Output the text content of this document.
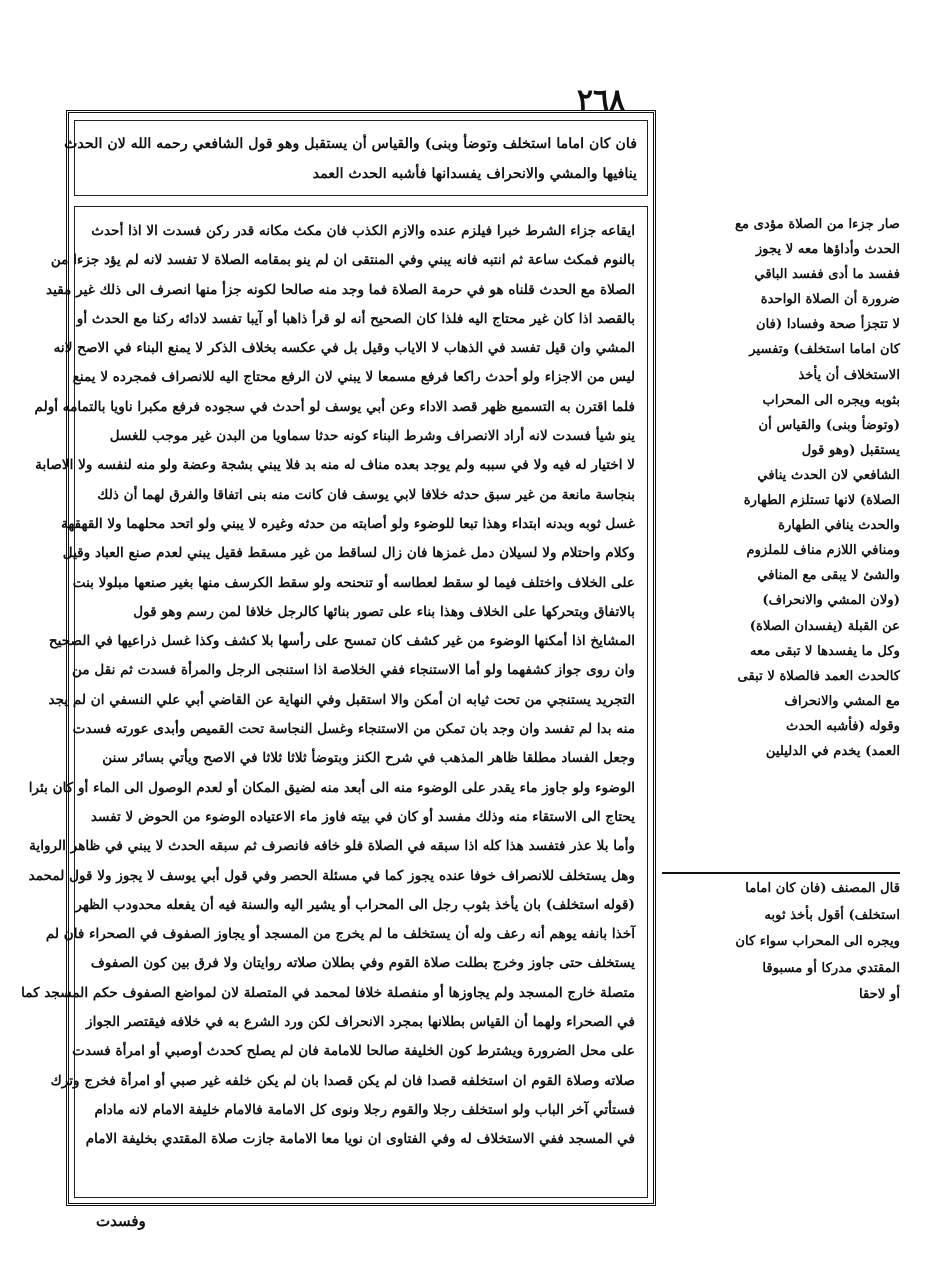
٢٦٨

فان كان اماما استخلف وتوضأ وبنى) والقياس أن يستقبل وهو قول الشافعي رحمه الله لان الحدث

ينافيها والمشي والانحراف يفسدانها فأشبه الحدث العمد

ايقاعه جزاء الشرط خبرا فيلزم عنده والازم الكذب فان مكث مكانه قدر ركن فسدت الا اذا أحدث

بالنوم فمكث ساعة ثم انتبه فانه يبني وفي المنتقى ان لم ينو بمقامه الصلاة لا تفسد لانه لم يؤد جزءا من

الصلاة مع الحدث قلناه هو في حرمة الصلاة فما وجد منه صالحا لكونه جزأ منها انصرف الى ذلك غير مقيد

بالقصد اذا كان غير محتاج اليه فلذا كان الصحيح أنه لو قرأ ذاهبا أو آيبا تفسد لادائه ركنا مع الحدث أو

المشي وان قيل تفسد في الذهاب لا الاياب وقيل بل في عكسه بخلاف الذكر لا يمنع البناء في الاصح لانه

ليس من الاجزاء ولو أحدث راكعا فرفع مسمعا لا يبني لان الرفع محتاج اليه للانصراف فمجرده لا يمنع

فلما اقترن به التسميع ظهر قصد الاداء وعن أبي يوسف لو أحدث في سجوده فرفع مكبرا ناويا بالتمامه أولم

ينو شيأ فسدت لانه أراد الانصراف وشرط البناء كونه حدثا سماويا من البدن غير موجب للغسل

لا اختيار له فيه ولا في سببه ولم يوجد بعده مناف له منه بد فلا يبني بشجة وعضة ولو منه لنفسه ولا الاصابة

بنجاسة مانعة من غير سبق حدثه خلافا لابي يوسف فان كانت منه بنى اتفاقا والفرق لهما أن ذلك

غسل ثوبه وبدنه ابتداء وهذا تبعا للوضوء ولو أصابته من حدثه وغيره لا يبني ولو اتحد محلهما ولا القهقهة

وكلام واحتلام ولا لسيلان دمل غمزها فان زال لساقط من غير مسقط فقيل يبني لعدم صنع العباد وقيل

على الخلاف واختلف فيما لو سقط لعطاسه أو تنحنحه ولو سقط الكرسف منها بغير صنعها مبلولا بنت

بالاتفاق وبتحركها على الخلاف وهذا بناء على تصور بنائها كالرجل خلافا لمن رسم وهو قول

المشايخ اذا أمكنها الوضوء من غير كشف كان تمسح على رأسها بلا كشف وكذا غسل ذراعيها في الصحيح

وان روى جواز كشفهما ولو أما الاستنجاء ففي الخلاصة اذا استنجى الرجل والمرأة فسدت ثم نقل من

التجريد يستنجي من تحت ثيابه ان أمكن والا استقبل وفي النهاية عن القاضي أبي علي النسفي ان لم يجد

منه بدا لم تفسد وان وجد بان تمكن من الاستنجاء وغسل النجاسة تحت القميص وأبدى عورته فسدت

وجعل الفساد مطلقا ظاهر المذهب في شرح الكنز وبتوضأ ثلاثا ثلاثا في الاصح ويأتي بسائر سنن

الوضوء ولو جاوز ماء يقدر على الوضوء منه الى أبعد منه لضيق المكان أو لعدم الوصول الى الماء أو كان بئرا

يحتاج الى الاستقاء منه وذلك مفسد أو كان في بيته فاوز ماء الاعتياده الوضوء من الحوض لا تفسد

وأما بلا عذر فتفسد هذا كله اذا سبقه في الصلاة فلو خافه فانصرف ثم سبقه الحدث لا يبني في ظاهر الرواية

وهل يستخلف للانصراف خوفا عنده يجوز كما في مسئلة الحصر وفي قول أبي يوسف لا يجوز ولا قول لمحمد

(قوله استخلف) بان يأخذ بثوب رجل الى المحراب أو يشير اليه والسنة فيه أن يفعله محدودب الظهر

آخذا بانفه يوهم أنه رعف وله أن يستخلف ما لم يخرج من المسجد أو يجاوز الصفوف في الصحراء فان لم

يستخلف حتى جاوز وخرج بطلت صلاة القوم وفي بطلان صلاته روايتان ولا فرق بين كون الصفوف

متصلة خارج المسجد ولم يجاوزها أو منفصلة خلافا لمحمد في المتصلة لان لمواضع الصفوف حكم المسجد كما

في الصحراء ولهما أن القياس بطلانها بمجرد الانحراف لكن ورد الشرع به في خلافه فيقتصر الجواز

على محل الضرورة ويشترط كون الخليفة صالحا للامامة فان لم يصلح كحدث أوصبي أو امرأة فسدت

صلاته وصلاة القوم ان استخلفه قصدا فان لم يكن قصدا بان لم يكن خلفه غير صبي أو امرأة فخرج وترك

فستأتي آخر الباب ولو استخلف رجلا والقوم رجلا ونوى كل الامامة فالامام خليفة الامام لانه مادام

في المسجد ففي الاستخلاف له وفي الفتاوى ان نويا معا الامامة جازت صلاة المقتدي بخليفة الامام

صار جزءا من الصلاة مؤدى مع

الحدث وأداؤها معه لا يجوز

ففسد ما أدى ففسد الباقي

ضرورة أن الصلاة الواحدة

لا تتجزأ صحة وفسادا (فان

كان اماما استخلف) وتفسير

الاستخلاف أن يأخذ

بثوبه ويجره الى المحراب

(وتوضأ وبنى) والقياس أن

يستقبل (وهو قول

الشافعي لان الحدث ينافي

الصلاة) لانها تستلزم الطهارة

والحدث ينافي الطهارة

ومنافي اللازم مناف للملزوم

والشئ لا يبقى مع المنافي

(ولان المشي والانحراف)

عن القبلة (يفسدان الصلاة)

وكل ما يفسدها لا تبقى معه

كالحدث العمد فالصلاة لا تبقى

مع المشي والانحراف

وقوله (فأشبه الحدث

العمد) يخدم في الدليلين

قال المصنف (فان كان اماما

استخلف) أقول بأخذ ثوبه

ويجره الى المحراب سواء كان

المقتدي مدركا أو مسبوقا

أو لاحقا

وفسدت
